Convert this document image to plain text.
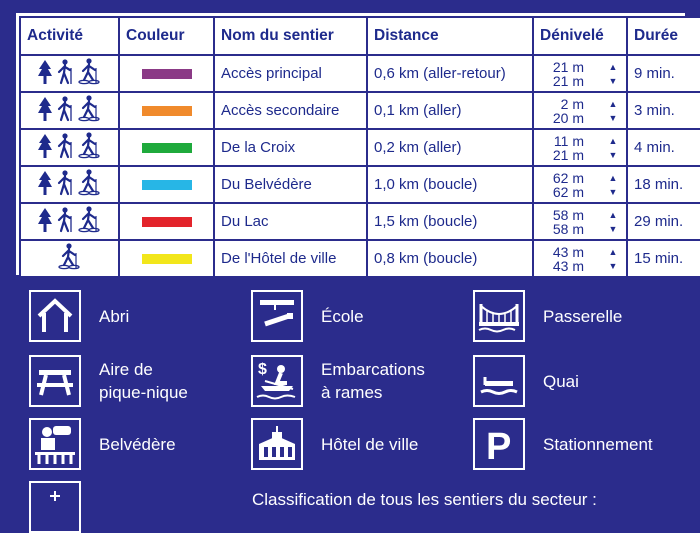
Activité	Couleur	Nom du sentier	Distance	Dénivelé	Durée

		Accès principal	0,6 km (aller-retour)	21 m ▲
21 m ▼	9 min.

		Accès secondaire	0,1 km (aller)	2 m ▲
20 m ▼	3 min.

		De la Croix	0,2 km (aller)	11 m ▲
21 m ▼	4 min.

		Du Belvédère	1,0 km (boucle)	62 m ▲
62 m ▼	18 min.

		Du Lac	1,5 km (boucle)	58 m ▲
58 m ▼	29 min.

		De l'Hôtel de ville	0,8 km (boucle)	43 m ▲
43 m ▼	15 min.
Abri	École	Passerelle
Aire de
pique-nique
$	Embarcations
à rames
Quai
Belvédère	Hôtel de ville P Stationnement
Classification de tous les sentiers du secteur :
